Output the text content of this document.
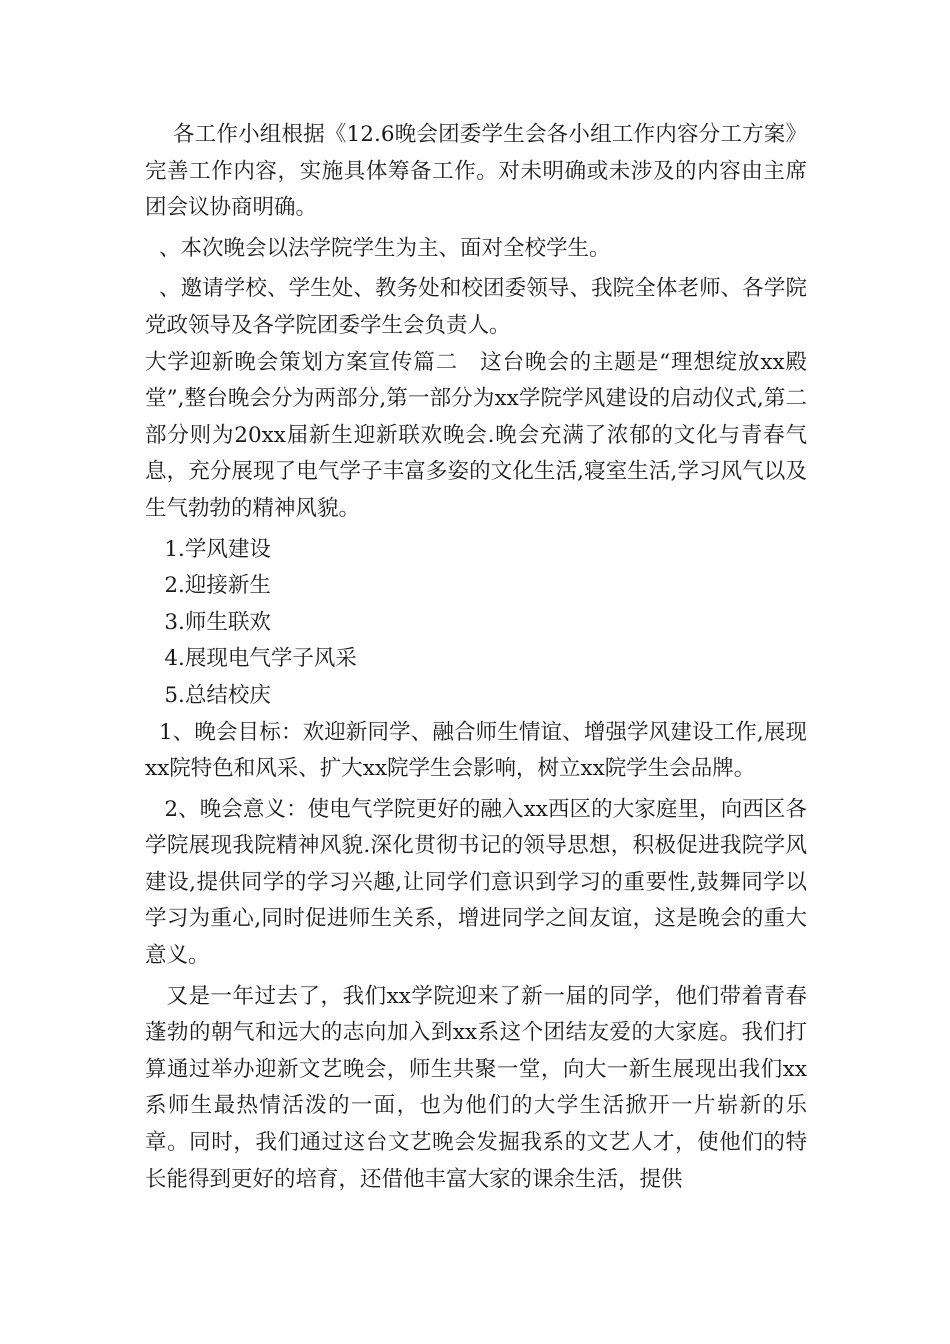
各工作小组根据《12.6晚会团委学生会各小组工作内容分工方案》完善工作内容，实施具体筹备工作。对未明确或未涉及的内容由主席团会议协商明确。

、本次晚会以法学院学生为主、面对全校学生。

、邀请学校、学生处、教务处和校团委领导、我院全体老师、各学院党政领导及各学院团委学生会负责人。

大学迎新晚会策划方案宣传篇二　这台晚会的主题是“理想绽放xx殿堂”,整台晚会分为两部分,第一部分为xx学院学风建设的启动仪式,第二部分则为20xx届新生迎新联欢晚会.晚会充满了浓郁的文化与青春气息，充分展现了电气学子丰富多姿的文化生活,寝室生活,学习风气以及生气勃勃的精神风貌。

1.学风建设

2.迎接新生

3.师生联欢

4.展现电气学子风采

5.总结校庆

1、晚会目标：欢迎新同学、融合师生情谊、增强学风建设工作,展现xx院特色和风采、扩大xx院学生会影响，树立xx院学生会品牌。

2、晚会意义：使电气学院更好的融入xx西区的大家庭里，向西区各学院展现我院精神风貌.深化贯彻书记的领导思想，积极促进我院学风建设,提供同学的学习兴趣,让同学们意识到学习的重要性,鼓舞同学以学习为重心,同时促进师生关系，增进同学之间友谊，这是晚会的重大意义。

又是一年过去了，我们xx学院迎来了新一届的同学，他们带着青春蓬勃的朝气和远大的志向加入到xx系这个团结友爱的大家庭。我们打算通过举办迎新文艺晚会，师生共聚一堂，向大一新生展现出我们xx系师生最热情活泼的一面，也为他们的大学生活掀开一片崭新的乐章。同时，我们通过这台文艺晚会发掘我系的文艺人才，使他们的特长能得到更好的培育，还借他丰富大家的课余生活，提供
